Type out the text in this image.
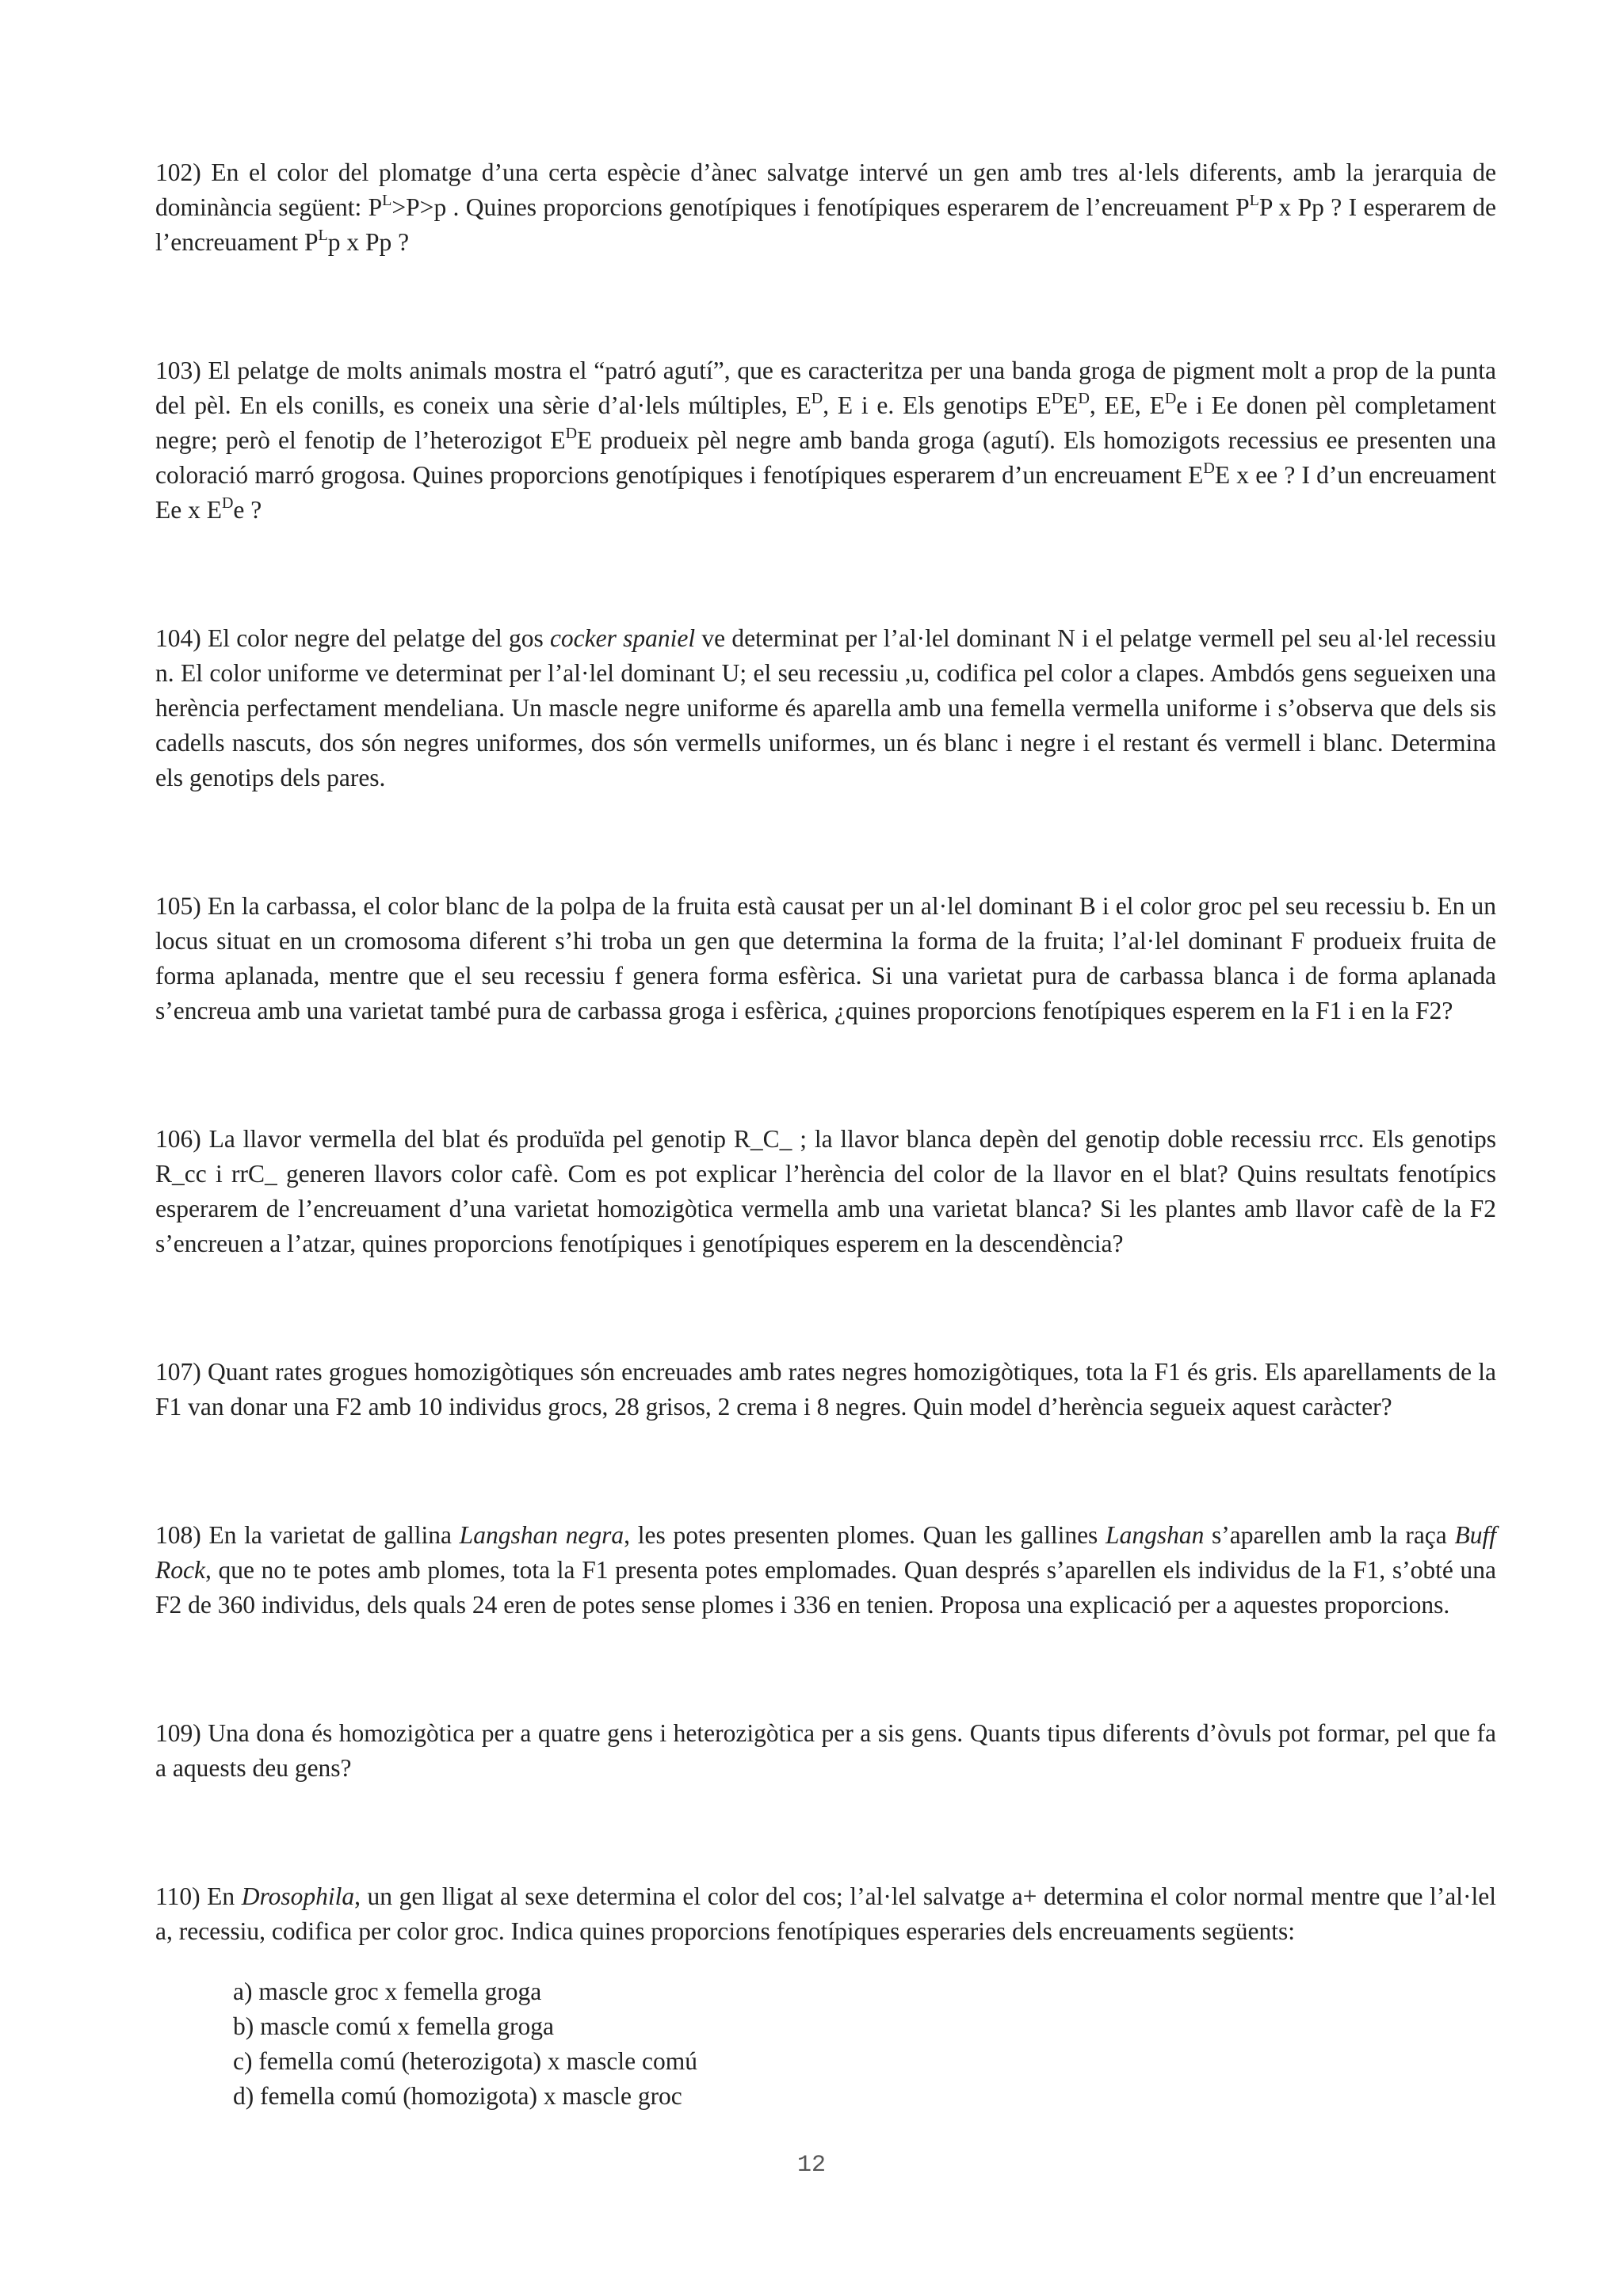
102) En el color del plomatge d’una certa espècie d’ànec salvatge intervé un gen amb tres al·lels diferents, amb la jerarquia de dominància següent: $P^L>P>p$ . Quines proporcions genotípiques i fenotípiques esperarem de l’encreuament $P^LP$ x Pp ? I esperarem de l’encreuament $P^Lp$ x Pp ?

103) El pelatge de molts animals mostra el “patró agutí”, que es caracteritza per una banda groga de pigment molt a prop de la punta del pèl. En els conills, es coneix una sèrie d’al·lels múltiples, $E^D$, E i e. Els genotips $E^DE^D$, EE, $E^De$ i Ee donen pèl completament negre; però el fenotip de l’heterozigot $E^DE$ produeix pèl negre amb banda groga (agutí). Els homozigots recessius ee presenten una coloració marró grogosa. Quines proporcions genotípiques i fenotípiques esperarem d’un encreuament $E^DE$ x ee ? I d’un encreuament Ee x $E^De$ ?

104) El color negre del pelatge del gos cocker spaniel ve determinat per l’al·lel dominant N i el pelatge vermell pel seu al·lel recessiu n. El color uniforme ve determinat per l’al·lel dominant U; el seu recessiu ,u, codifica pel color a clapes. Ambdós gens segueixen una herència perfectament mendeliana. Un mascle negre uniforme és aparella amb una femella vermella uniforme i s’observa que dels sis cadells nascuts, dos són negres uniformes, dos són vermells uniformes, un és blanc i negre i el restant és vermell i blanc. Determina els genotips dels pares.

105) En la carbassa, el color blanc de la polpa de la fruita està causat per un al·lel dominant B i el color groc pel seu recessiu b. En un locus situat en un cromosoma diferent s’hi troba un gen que determina la forma de la fruita; l’al·lel dominant F produeix fruita de forma aplanada, mentre que el seu recessiu f genera forma esfèrica. Si una varietat pura de carbassa blanca i de forma aplanada s’encreua amb una varietat també pura de carbassa groga i esfèrica, ¿quines proporcions fenotípiques esperem en la F1 i en la F2?

106) La llavor vermella del blat és produïda pel genotip R_C_ ; la llavor blanca depèn del genotip doble recessiu rrcc. Els genotips R_cc i rrC_ generen llavors color cafè. Com es pot explicar l’herència del color de la llavor en el blat? Quins resultats fenotípics esperarem de l’encreuament d’una varietat homozigòtica vermella amb una varietat blanca? Si les plantes amb llavor cafè de la F2 s’encreuen a l’atzar, quines proporcions fenotípiques i genotípiques esperem en la descendència?

107) Quant rates grogues homozigòtiques són encreuades amb rates negres homozigòtiques, tota la F1 és gris. Els aparellaments de la F1 van donar una F2 amb 10 individus grocs, 28 grisos, 2 crema i 8 negres. Quin model d’herència segueix aquest caràcter?

108) En la varietat de gallina Langshan negra, les potes presenten plomes. Quan les gallines Langshan s’aparellen amb la raça Buff Rock, que no te potes amb plomes, tota la F1 presenta potes emplomades. Quan després s’aparellen els individus de la F1, s’obté una F2 de 360 individus, dels quals 24 eren de potes sense plomes i 336 en tenien. Proposa una explicació per a aquestes proporcions.

109) Una dona és homozigòtica per a quatre gens i heterozigòtica per a sis gens. Quants tipus diferents d’òvuls pot formar, pel que fa a aquests deu gens?

110) En Drosophila, un gen lligat al sexe determina el color del cos; l’al·lel salvatge a+ determina el color normal mentre que l’al·lel a, recessiu, codifica per color groc. Indica quines proporcions fenotípiques esperaries dels encreuaments següents:

a) mascle groc x femella groga
b) mascle comú x femella groga
c) femella comú (heterozigota) x mascle comú
d) femella comú (homozigota) x mascle groc
12
